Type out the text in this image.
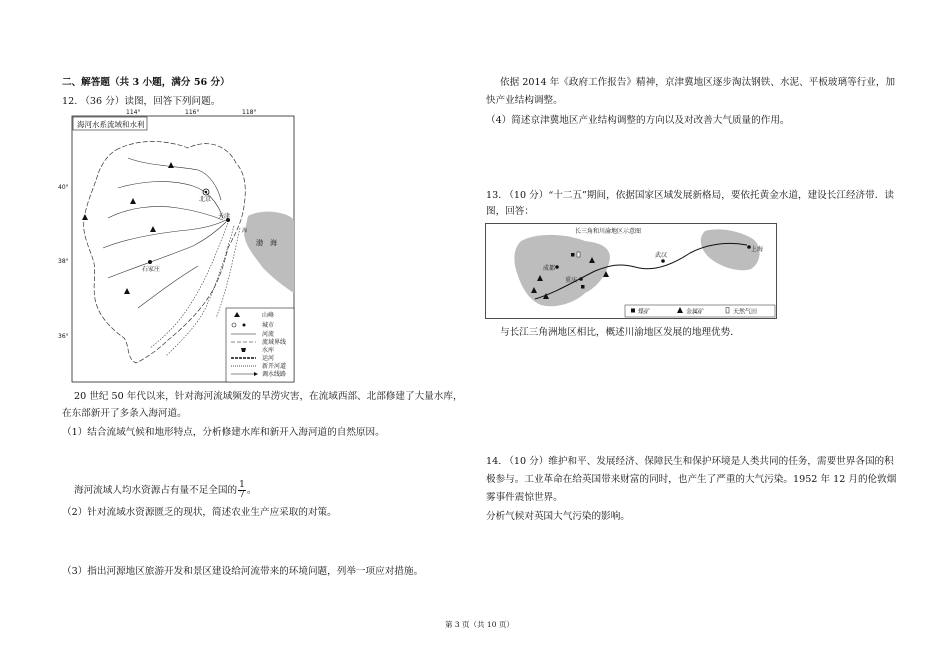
二、解答题（共 3 小题，满分 56 分）
12. （36 分）读图，回答下列问题。
114°	116°	118°
40°
38°
36°
海河水系流域和水利
渤　海
海
北京
天津
石家庄
山峰
城市
河流
流域界线
水库
运河
新开河道
调水线路
20 世纪 50 年代以来，针对海河流域频发的旱涝灾害，在流域西部、北部修建了大量水库，
在东部新开了多条入海河道。
（1）结合流域气候和地形特点，分析修建水库和新开入海河道的自然原因。
海河流域人均水资源占有量不足全国的 $\frac{1}{7}$ 。
（2）针对流域水资源匮乏的现状，简述农业生产应采取的对策。
（3）指出河源地区旅游开发和景区建设给河流带来的环境问题，列举一项应对措施。
依据 2014 年《政府工作报告》精神，京津冀地区逐步淘汰钢铁、水泥、平板玻璃等行业，加
快产业结构调整。
（4）简述京津冀地区产业结构调整的方向以及对改善大气质量的作用。
13. （10 分）“十二五”期间，依据国家区域发展新格局，要依托黄金水道，建设长江经济带．读
图，回答：
长三角和川渝地区示意图
成都
重庆
武汉
上海
煤矿	金属矿	天然气田
与长江三角洲地区相比，概述川渝地区发展的地理优势．
14. （10 分）维护和平、发展经济、保障民生和保护环境是人类共同的任务，需要世界各国的积
极参与。工业革命在给英国带来财富的同时，也产生了严重的大气污染。1952 年 12 月的伦敦烟
雾事件震惊世界。
分析气候对英国大气污染的影响。
第 3 页（共 10 页）
